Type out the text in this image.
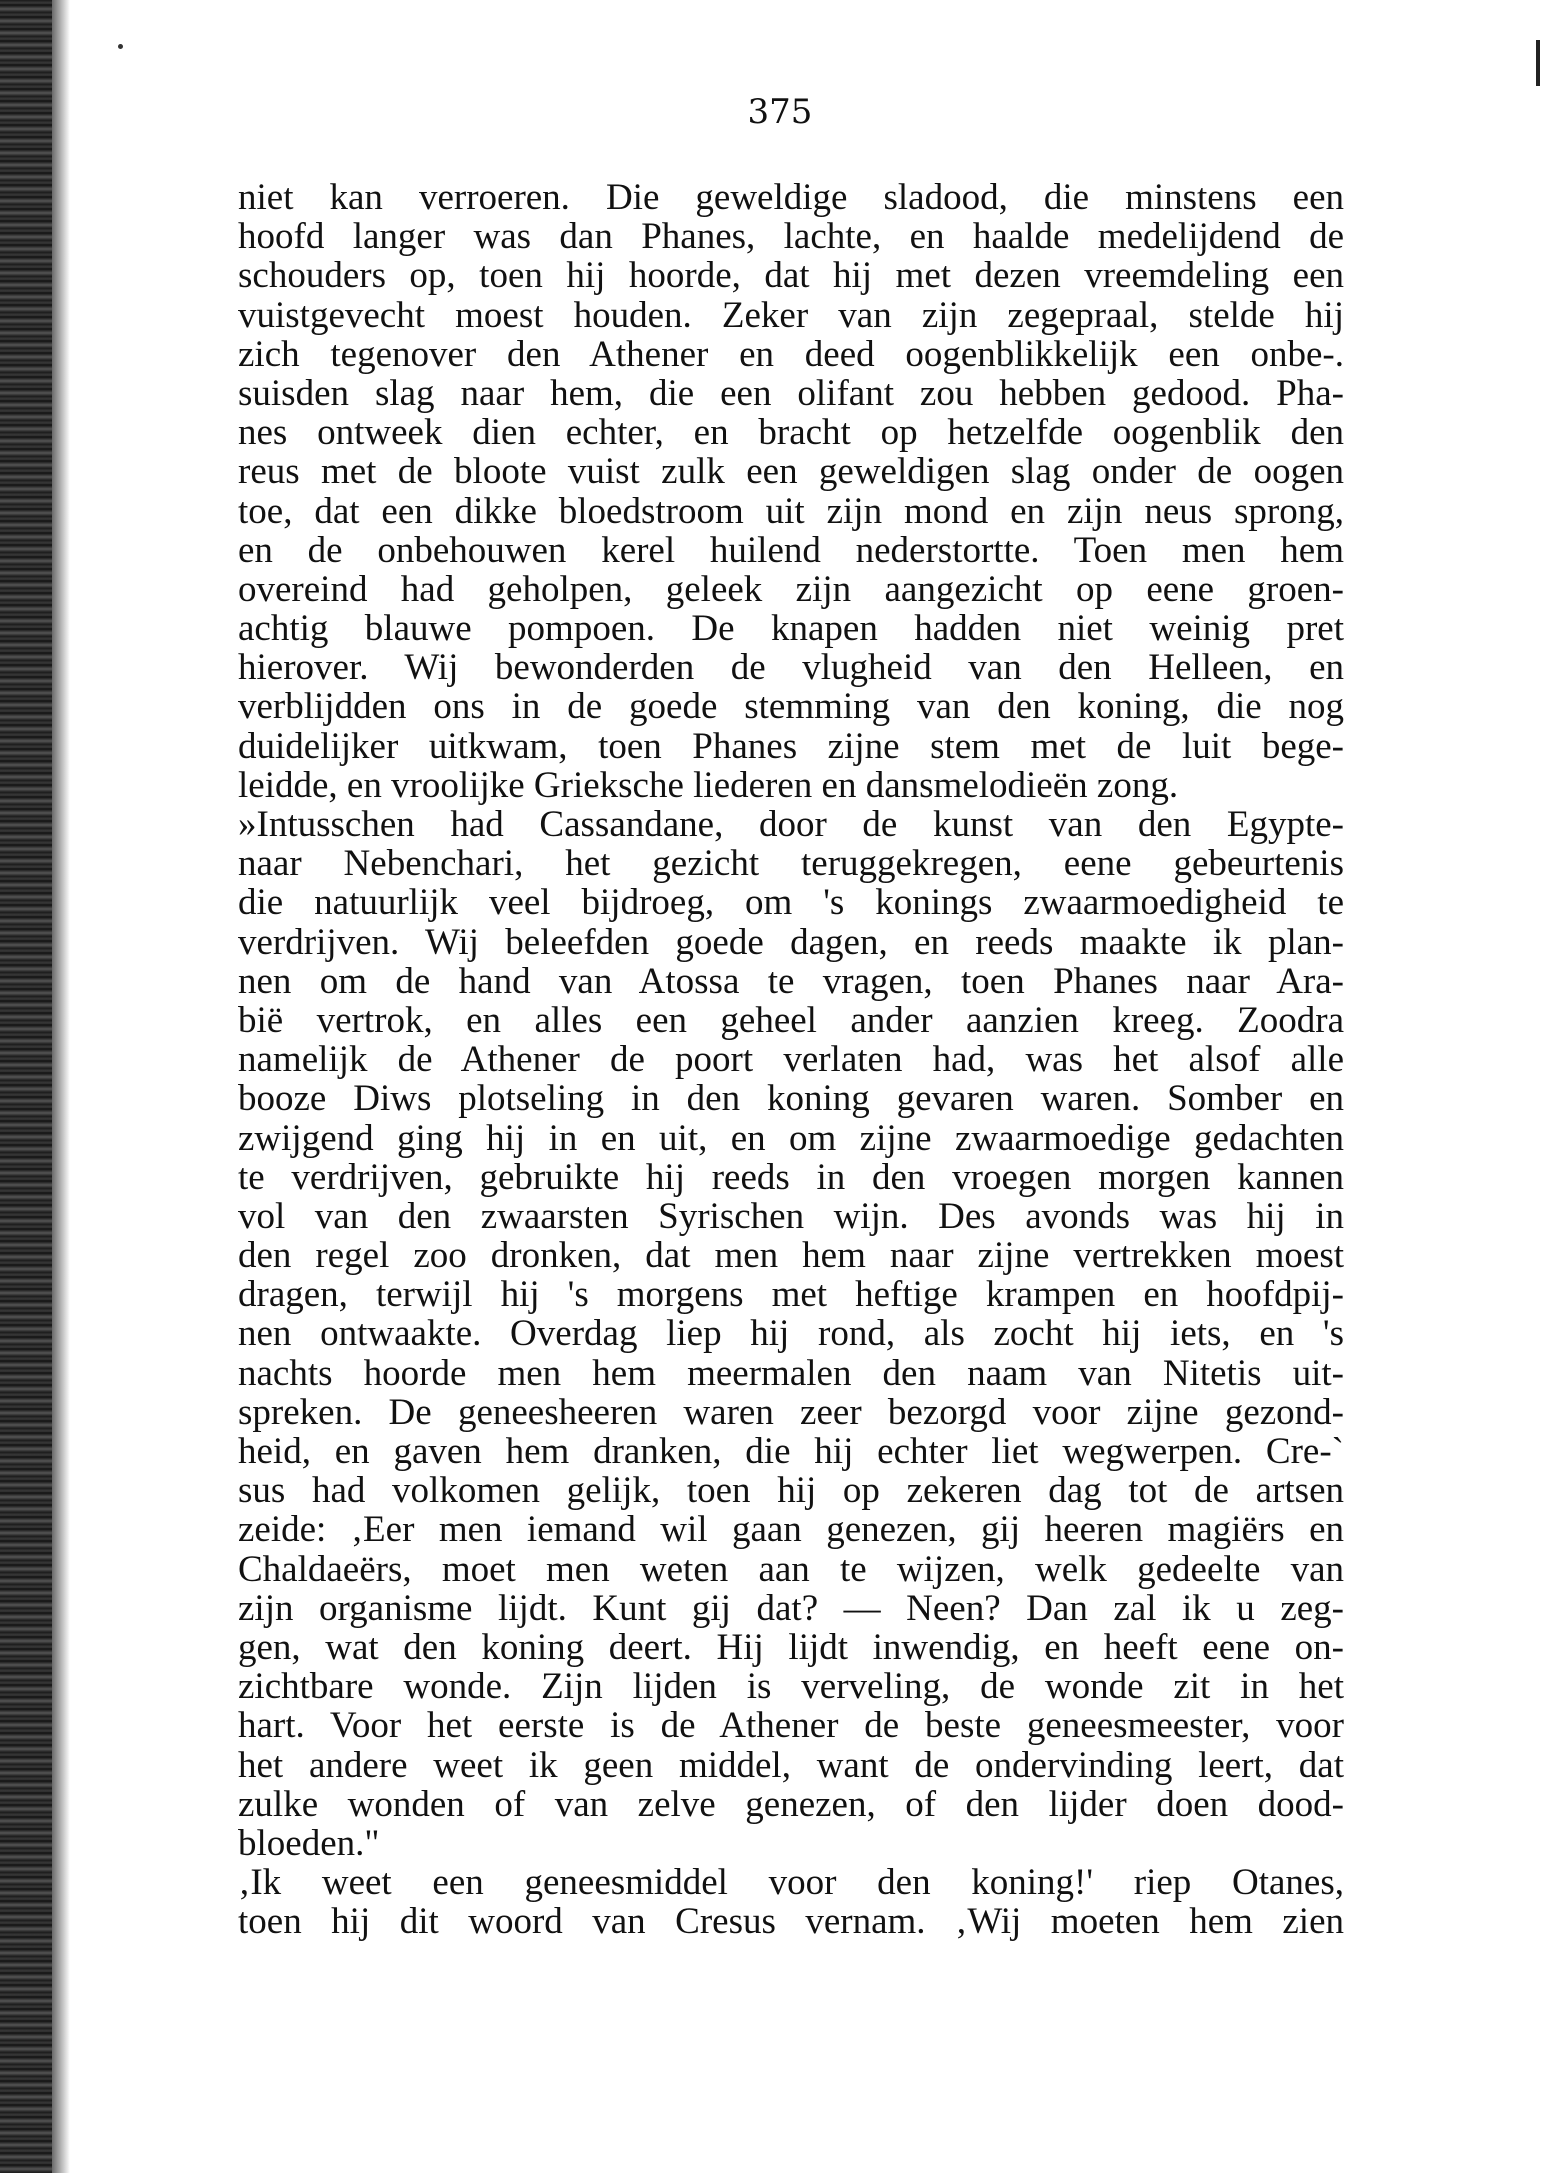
375
niet kan verroeren. Die geweldige sladood, die minstens een
hoofd langer was dan Phanes, lachte, en haalde medelijdend de
schouders op, toen hij hoorde, dat hij met dezen vreemdeling een
vuistgevecht moest houden. Zeker van zijn zegepraal, stelde hij
zich tegenover den Athener en deed oogenblikkelijk een onbe-.
suisden slag naar hem, die een olifant zou hebben gedood. Pha-
nes ontweek dien echter, en bracht op hetzelfde oogenblik den
reus met de bloote vuist zulk een geweldigen slag onder de oogen
toe, dat een dikke bloedstroom uit zijn mond en zijn neus sprong,
en de onbehouwen kerel huilend nederstortte. Toen men hem
overeind had geholpen, geleek zijn aangezicht op eene groen-
achtig blauwe pompoen. De knapen hadden niet weinig pret
hierover. Wij bewonderden de vlugheid van den Helleen, en
verblijdden ons in de goede stemming van den koning, die nog
duidelijker uitkwam, toen Phanes zijne stem met de luit bege-
leidde, en vroolijke Grieksche liederen en dansmelodieën zong.
»Intusschen had Cassandane, door de kunst van den Egypte-
naar Nebenchari, het gezicht teruggekregen, eene gebeurtenis
die natuurlijk veel bijdroeg, om 's konings zwaarmoedigheid te
verdrijven. Wij beleefden goede dagen, en reeds maakte ik plan-
nen om de hand van Atossa te vragen, toen Phanes naar Ara-
bië vertrok, en alles een geheel ander aanzien kreeg. Zoodra
namelijk de Athener de poort verlaten had, was het alsof alle
booze Diws plotseling in den koning gevaren waren. Somber en
zwijgend ging hij in en uit, en om zijne zwaarmoedige gedachten
te verdrijven, gebruikte hij reeds in den vroegen morgen kannen
vol van den zwaarsten Syrischen wijn. Des avonds was hij in
den regel zoo dronken, dat men hem naar zijne vertrekken moest
dragen, terwijl hij 's morgens met heftige krampen en hoofdpij-
nen ontwaakte. Overdag liep hij rond, als zocht hij iets, en 's
nachts hoorde men hem meermalen den naam van Nitetis uit-
spreken. De geneesheeren waren zeer bezorgd voor zijne gezond-
heid, en gaven hem dranken, die hij echter liet wegwerpen. Cre-`
sus had volkomen gelijk, toen hij op zekeren dag tot de artsen
zeide: ‚Eer men iemand wil gaan genezen, gij heeren magiërs en
Chaldaeërs, moet men weten aan te wijzen, welk gedeelte van
zijn organisme lijdt. Kunt gij dat? — Neen? Dan zal ik u zeg-
gen, wat den koning deert. Hij lijdt inwendig, en heeft eene on-
zichtbare wonde. Zijn lijden is verveling, de wonde zit in het
hart. Voor het eerste is de Athener de beste geneesmeester, voor
het andere weet ik geen middel, want de ondervinding leert, dat
zulke wonden of van zelve genezen, of den lijder doen dood-
bloeden."
‚Ik weet een geneesmiddel voor den koning!' riep Otanes,
toen hij dit woord van Cresus vernam. ‚Wij moeten hem zien
